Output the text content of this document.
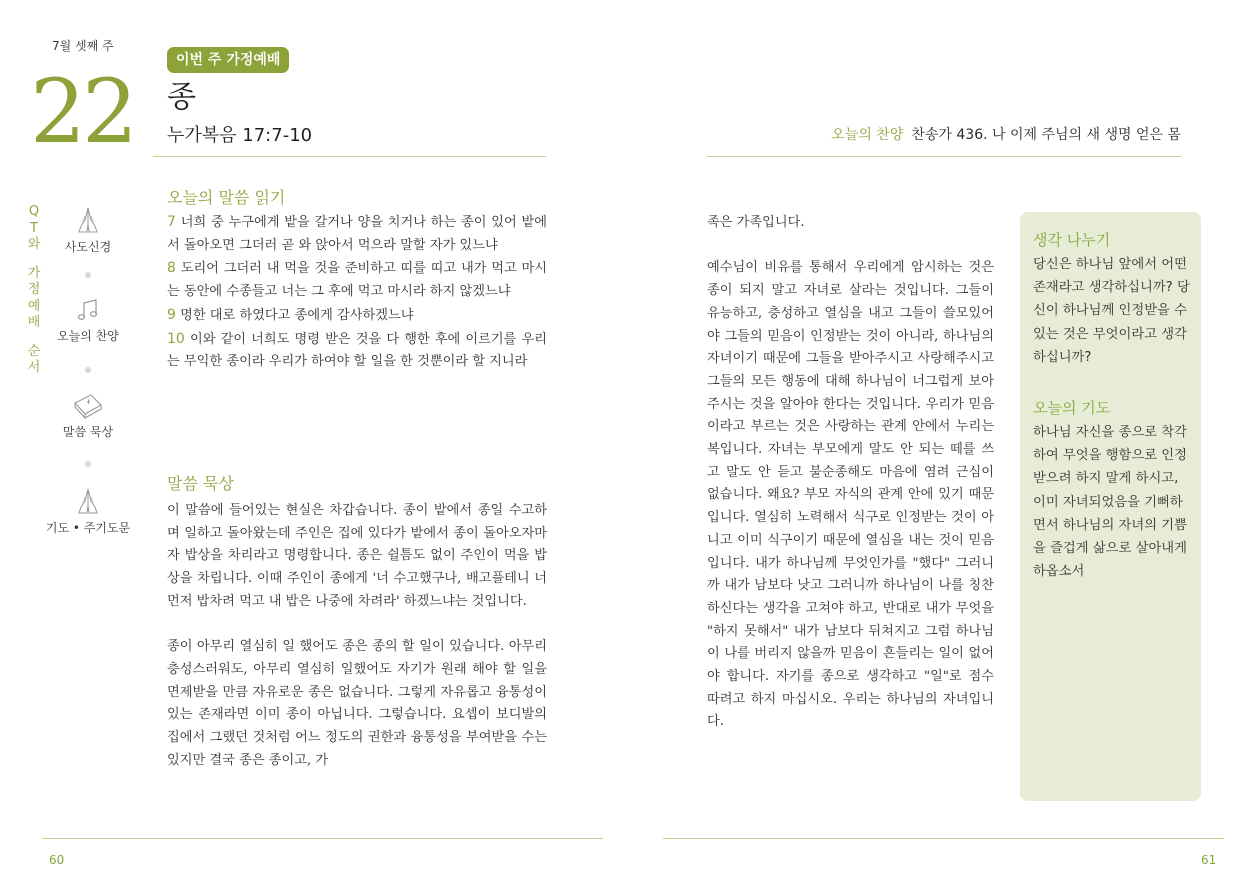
7월 셋째 주
22	이번 주 가정예배
종
누가복음 17:7-10	오늘의 찬양 찬송가 436. 나 이제 주님의 새 생명 얻은 몸
Q
T
와
가
정
예
배
순
서
사도신경
오늘의 찬양
말씀 묵상
기도 • 주기도문
오늘의 말씀 읽기

7 너희 중 누구에게 밭을 갈거나 양을 치거나 하는 종이 있어 밭에서 돌아오면 그더러 곧 와 앉아서 먹으라 말할 자가 있느냐

8 도리어 그더러 내 먹을 것을 준비하고 띠를 띠고 내가 먹고 마시는 동안에 수종들고 너는 그 후에 먹고 마시라 하지 않겠느냐

9 명한 대로 하였다고 종에게 감사하겠느냐

10 이와 같이 너희도 명령 받은 것을 다 행한 후에 이르기를 우리는 무익한 종이라 우리가 하여야 할 일을 한 것뿐이라 할 지니라

말씀 묵상

이 말씀에 들어있는 현실은 차갑습니다. 종이 밭에서 종일 수고하며 일하고 돌아왔는데 주인은 집에 있다가 밭에서 종이 돌아오자마자 밥상을 차리라고 명령합니다. 종은 쉴틈도 없이 주인이 먹을 밥상을 차립니다. 이때 주인이 종에게 '너 수고했구나, 배고플테니 너 먼저 밥차려 먹고 내 밥은 나중에 차려라' 하겠느냐는 것입니다.

종이 아무리 열심히 일 했어도 종은 종의 할 일이 있습니다. 아무리 충성스러워도, 아무리 열심히 일했어도 자기가 원래 해야 할 일을 면제받을 만큼 자유로운 종은 없습니다. 그렇게 자유롭고 융통성이 있는 존재라면 이미 종이 아닙니다. 그렇습니다. 요셉이 보디발의 집에서 그랬던 것처럼 어느 정도의 권한과 융통성을 부여받을 수는 있지만 결국 종은 종이고, 가

족은 가족입니다.

예수님이 비유를 통해서 우리에게 암시하는 것은 종이 되지 말고 자녀로 살라는 것입니다. 그들이 유능하고, 충성하고 열심을 내고 그들이 쓸모있어야 그들의 믿음이 인정받는 것이 아니라, 하나님의 자녀이기 때문에 그들을 받아주시고 사랑해주시고 그들의 모든 행동에 대해 하나님이 너그럽게 보아주시는 것을 알아야 한다는 것입니다. 우리가 믿음이라고 부르는 것은 사랑하는 관계 안에서 누리는 복입니다. 자녀는 부모에게 말도 안 되는 떼를 쓰고 말도 안 듣고 불순종해도 마음에 염려 근심이 없습니다. 왜요? 부모 자식의 관계 안에 있기 때문입니다. 열심히 노력해서 식구로 인정받는 것이 아니고 이미 식구이기 때문에 열심을 내는 것이 믿음입니다. 내가 하나님께 무엇인가를 "했다" 그러니까 내가 남보다 낫고 그러니까 하나님이 나를 칭찬하신다는 생각을 고쳐야 하고, 반대로 내가 무엇을 "하지 못해서" 내가 남보다 뒤쳐지고 그럼 하나님이 나를 버리지 않을까 믿음이 흔들리는 일이 없어야 합니다. 자기를 종으로 생각하고 "일"로 점수 따려고 하지 마십시오. 우리는 하나님의 자녀입니다.

생각 나누기
당신은 하나님 앞에서 어떤 존재라고 생각하십니까? 당신이 하나님께 인정받을 수 있는 것은 무엇이라고 생각하십니까?
오늘의 기도
하나님 자신을 종으로 착각하여 무엇을 행함으로 인정받으려 하지 말게 하시고, 이미 자녀되었음을 기뻐하면서 하나님의 자녀의 기쁨을 즐겁게 삶으로 살아내게 하옵소서
60	61
